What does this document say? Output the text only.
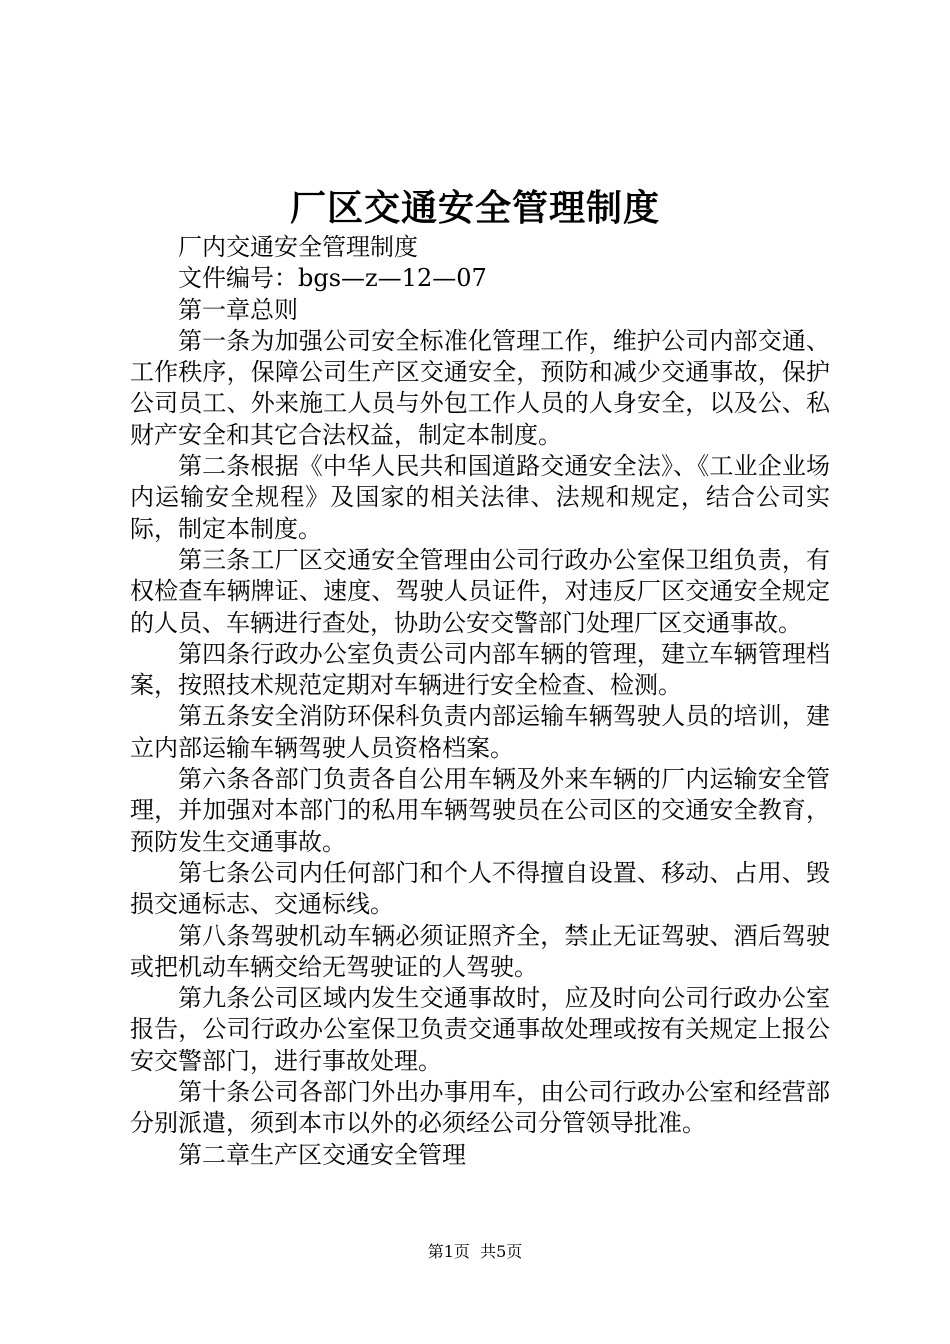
厂区交通安全管理制度

厂内交通安全管理制度

文件编号：bgs—z—12—07

第一章总则

第一条为加强公司安全标准化管理工作，维护公司内部交通、工作秩序，保障公司生产区交通安全，预防和减少交通事故，保护公司员工、外来施工人员与外包工作人员的人身安全，以及公、私财产安全和其它合法权益，制定本制度。

第二条根据《中华人民共和国道路交通安全法》、《工业企业场内运输安全规程》及国家的相关法律、法规和规定，结合公司实际，制定本制度。

第三条工厂区交通安全管理由公司行政办公室保卫组负责，有权检查车辆牌证、速度、驾驶人员证件，对违反厂区交通安全规定的人员、车辆进行查处，协助公安交警部门处理厂区交通事故。

第四条行政办公室负责公司内部车辆的管理，建立车辆管理档案，按照技术规范定期对车辆进行安全检查、检测。

第五条安全消防环保科负责内部运输车辆驾驶人员的培训，建立内部运输车辆驾驶人员资格档案。

第六条各部门负责各自公用车辆及外来车辆的厂内运输安全管理，并加强对本部门的私用车辆驾驶员在公司区的交通安全教育，预防发生交通事故。

第七条公司内任何部门和个人不得擅自设置、移动、占用、毁损交通标志、交通标线。

第八条驾驶机动车辆必须证照齐全，禁止无证驾驶、酒后驾驶或把机动车辆交给无驾驶证的人驾驶。

第九条公司区域内发生交通事故时，应及时向公司行政办公室报告，公司行政办公室保卫负责交通事故处理或按有关规定上报公安交警部门，进行事故处理。

第十条公司各部门外出办事用车，由公司行政办公室和经营部分别派遣，须到本市以外的必须经公司分管领导批准。

第二章生产区交通安全管理

第1页 共5页
